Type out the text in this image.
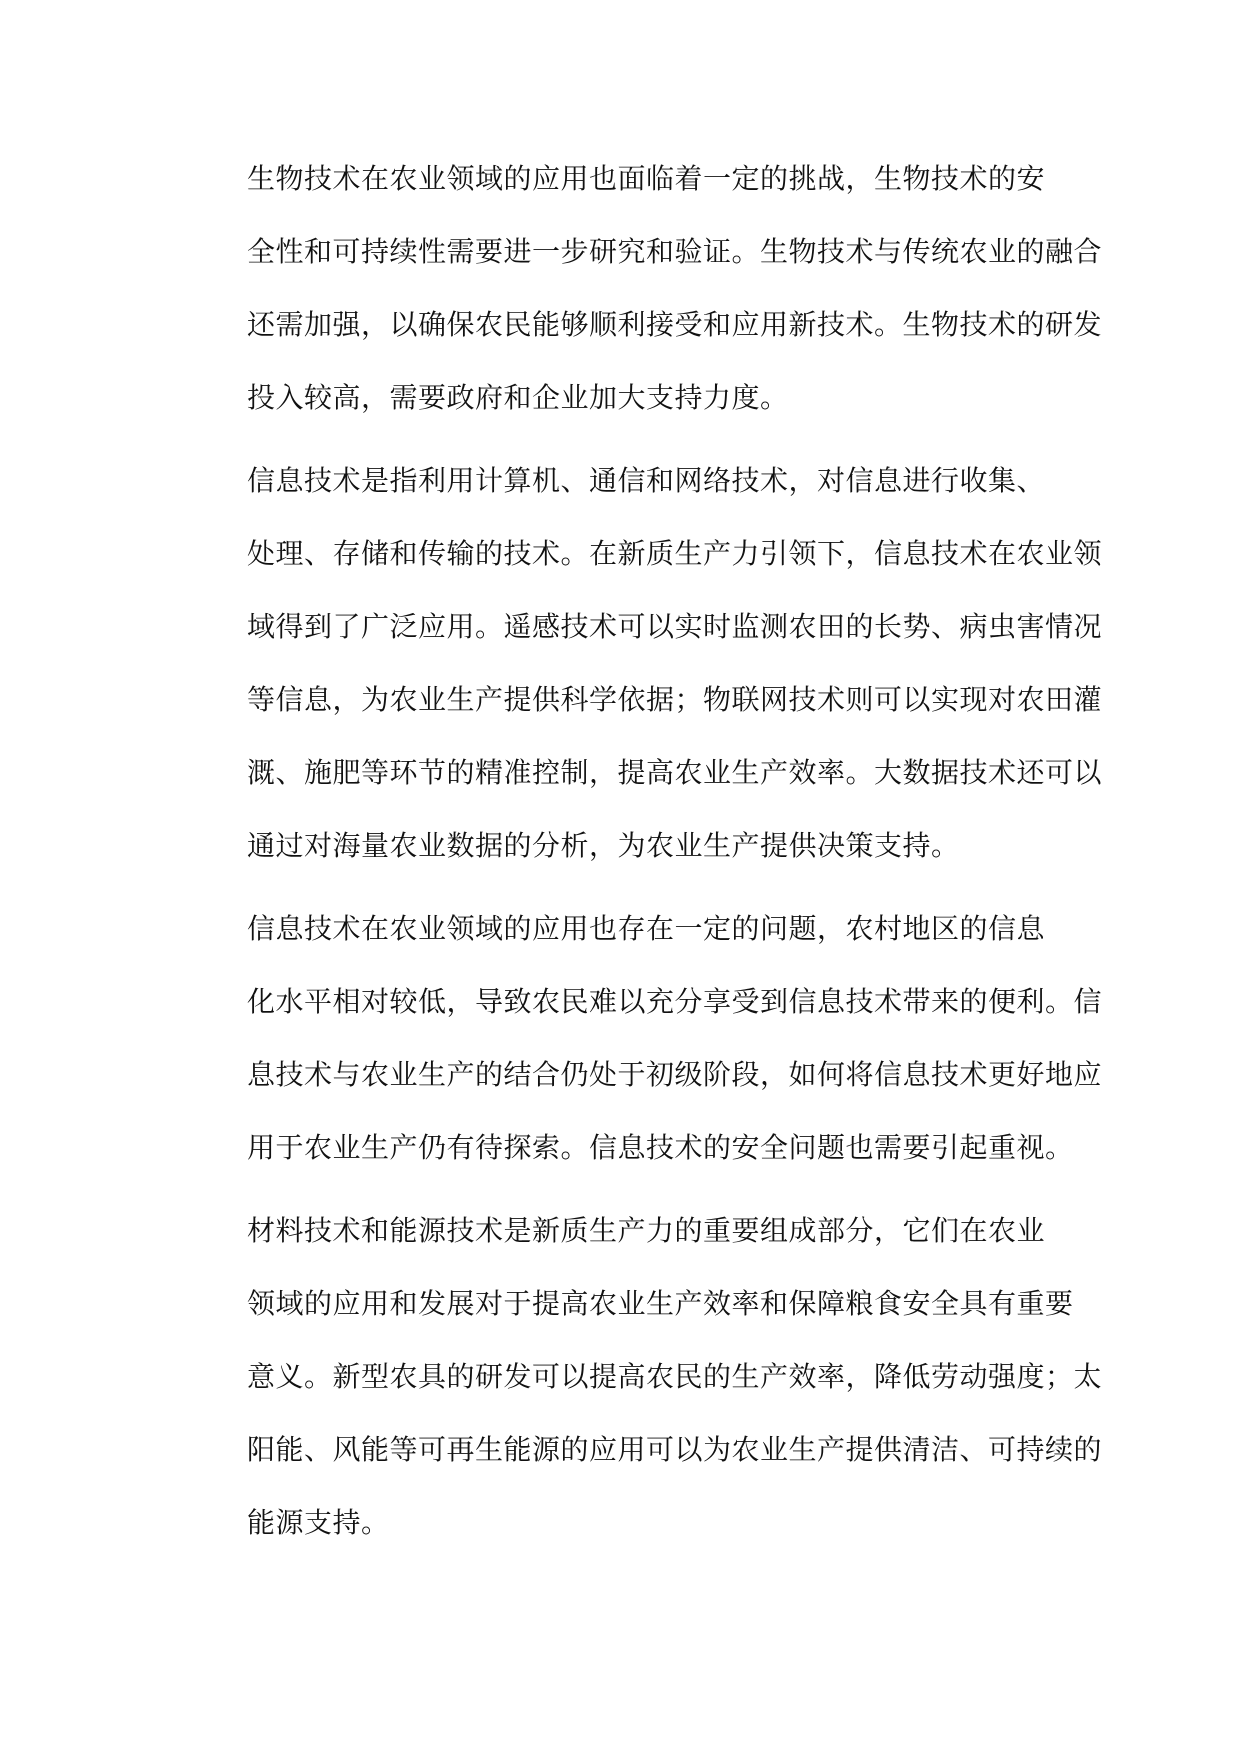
生物技术在农业领域的应用也面临着一定的挑战，生物技术的安
全性和可持续性需要进一步研究和验证。生物技术与传统农业的融合
还需加强，以确保农民能够顺利接受和应用新技术。生物技术的研发
投入较高，需要政府和企业加大支持力度。

信息技术是指利用计算机、通信和网络技术，对信息进行收集、
处理、存储和传输的技术。在新质生产力引领下，信息技术在农业领
域得到了广泛应用。遥感技术可以实时监测农田的长势、病虫害情况
等信息，为农业生产提供科学依据；物联网技术则可以实现对农田灌
溉、施肥等环节的精准控制，提高农业生产效率。大数据技术还可以
通过对海量农业数据的分析，为农业生产提供决策支持。

信息技术在农业领域的应用也存在一定的问题，农村地区的信息
化水平相对较低，导致农民难以充分享受到信息技术带来的便利。信
息技术与农业生产的结合仍处于初级阶段，如何将信息技术更好地应
用于农业生产仍有待探索。信息技术的安全问题也需要引起重视。

材料技术和能源技术是新质生产力的重要组成部分，它们在农业
领域的应用和发展对于提高农业生产效率和保障粮食安全具有重要
意义。新型农具的研发可以提高农民的生产效率，降低劳动强度；太
阳能、风能等可再生能源的应用可以为农业生产提供清洁、可持续的
能源支持。
